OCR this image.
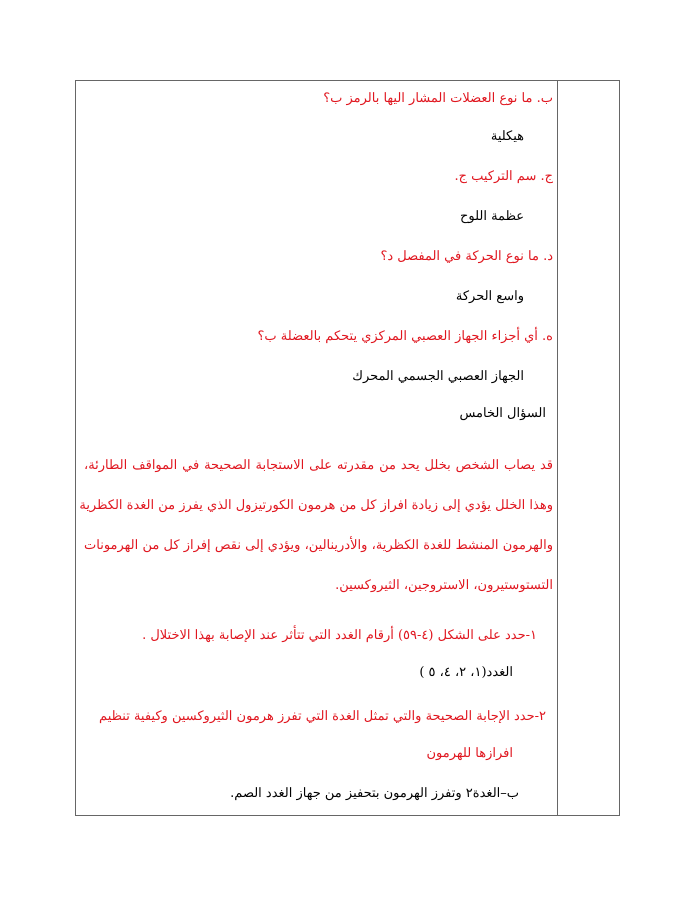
ب. ما نوع العضلات المشار اليها بالرمز ب؟
هيكلية
ج. سم التركيب ج.
عظمة اللوح
د. ما نوع الحركة في المفصل د؟
واسع الحركة
ه. أي أجزاء الجهاز العصبي المركزي يتحكم بالعضلة ب؟
الجهاز العصبي الجسمي المحرك
السؤال الخامس
قد يصاب الشخص بخلل يحد من مقدرته على الاستجابة الصحيحة في المواقف الطارئة،
وهذا الخلل يؤدي إلى زيادة افراز كل من هرمون الكورتيزول الذي يفرز من الغدة الكظرية
والهرمون المنشط للغدة الكظرية، والأدرينالين، ويؤدي إلى نقص إفراز كل من الهرمونات
التستوستيرون، الاستروجين، الثيروكسين.
١-حدد على الشكل (٤-٥٩) أرقام الغدد التي تتأثر عند الإصابة بهذا الاختلال .
الغدد(١، ٢، ٤، ٥ )
٢-حدد الإجابة الصحيحة والتي تمثل الغدة التي تفرز هرمون الثيروكسين وكيفية تنظيم
افرازها للهرمون
ب–الغدة٢ وتفرز الهرمون بتحفيز من جهاز الغدد الصم.
